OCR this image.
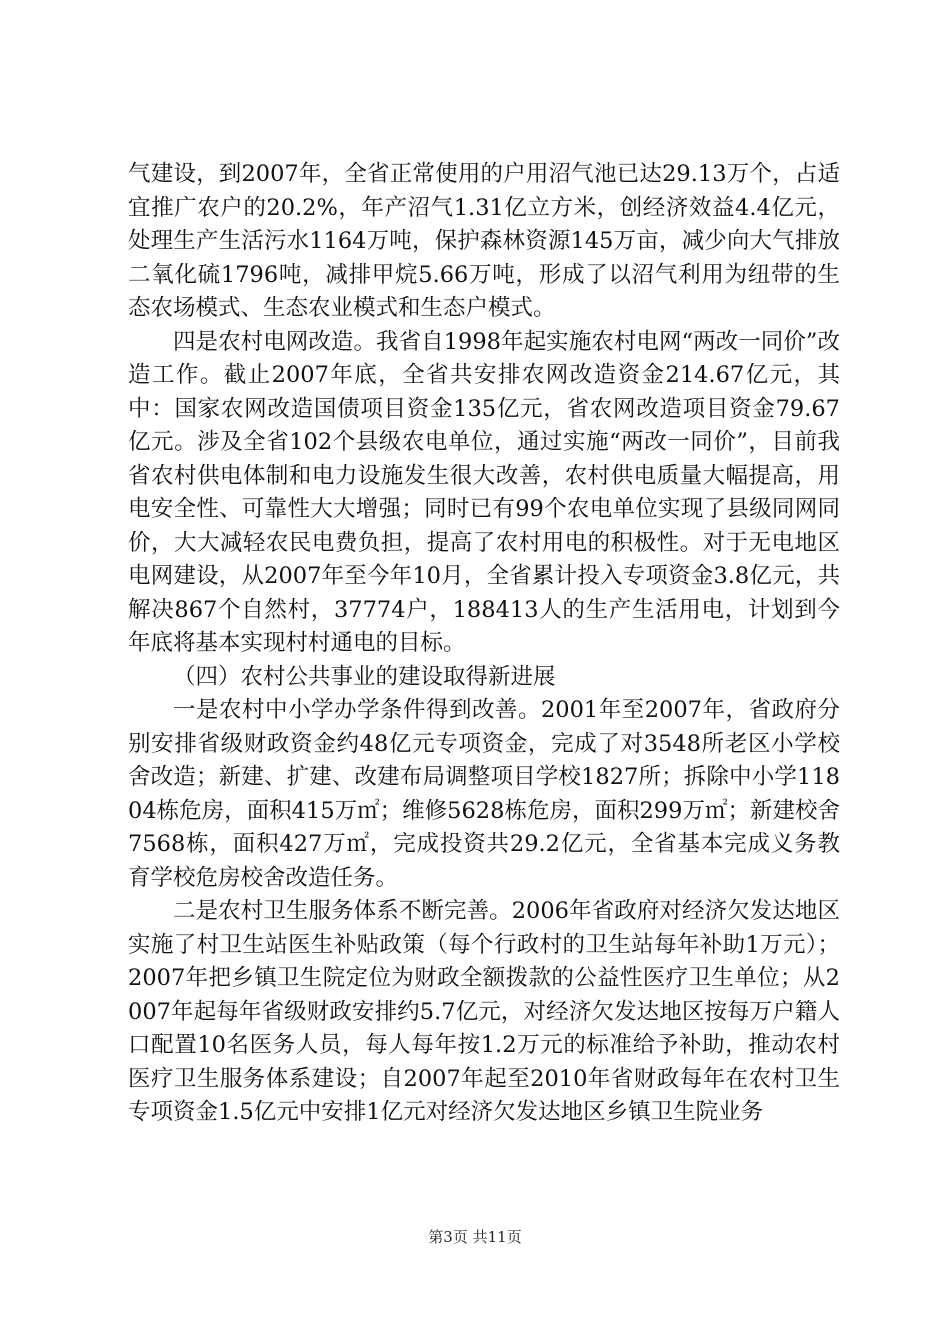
气建设，到2007年，全省正常使用的户用沼气池已达29.13万个，占适宜推广农户的20.2%，年产沼气1.31亿立方米，创经济效益4.4亿元，处理生产生活污水1164万吨，保护森林资源145万亩，减少向大气排放二氧化硫1796吨，减排甲烷5.66万吨，形成了以沼气利用为纽带的生态农场模式、生态农业模式和生态户模式。

四是农村电网改造。我省自1998年起实施农村电网“两改一同价”改造工作。截止2007年底，全省共安排农网改造资金214.67亿元，其中：国家农网改造国债项目资金135亿元，省农网改造项目资金79.67亿元。涉及全省102个县级农电单位，通过实施“两改一同价”，目前我省农村供电体制和电力设施发生很大改善，农村供电质量大幅提高，用电安全性、可靠性大大增强；同时已有99个农电单位实现了县级同网同价，大大减轻农民电费负担，提高了农村用电的积极性。对于无电地区电网建设，从2007年至今年10月，全省累计投入专项资金3.8亿元，共解决867个自然村，37774户，188413人的生产生活用电，计划到今年底将基本实现村村通电的目标。

（四）农村公共事业的建设取得新进展

一是农村中小学办学条件得到改善。2001年至2007年，省政府分别安排省级财政资金约48亿元专项资金，完成了对3548所老区小学校舍改造；新建、扩建、改建布局调整项目学校1827所；拆除中小学11804栋危房，面积415万㎡；维修5628栋危房，面积299万㎡；新建校舍7568栋，面积427万㎡，完成投资共29.2亿元，全省基本完成义务教育学校危房校舍改造任务。

二是农村卫生服务体系不断完善。2006年省政府对经济欠发达地区实施了村卫生站医生补贴政策（每个行政村的卫生站每年补助1万元）；2007年把乡镇卫生院定位为财政全额拨款的公益性医疗卫生单位；从2007年起每年省级财政安排约5.7亿元，对经济欠发达地区按每万户籍人口配置10名医务人员，每人每年按1.2万元的标准给予补助，推动农村医疗卫生服务体系建设；自2007年起至2010年省财政每年在农村卫生专项资金1.5亿元中安排1亿元对经济欠发达地区乡镇卫生院业务

第3页 共11页
